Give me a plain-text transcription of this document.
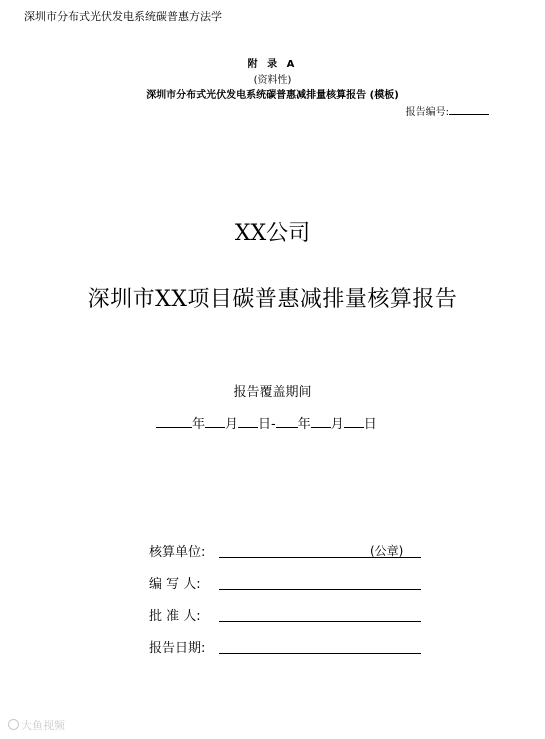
深圳市分布式光伏发电系统碳普惠方法学
附 录 A
(资料性)
深圳市分布式光伏发电系统碳普惠减排量核算报告 (模板)
报告编号:
XX公司
深圳市XX项目碳普惠减排量核算报告
报告覆盖期间
年 月 日- 年 月 日
核算单位:	(公章)
编 写 人:
批 准 人:
报告日期:
大鱼视频
